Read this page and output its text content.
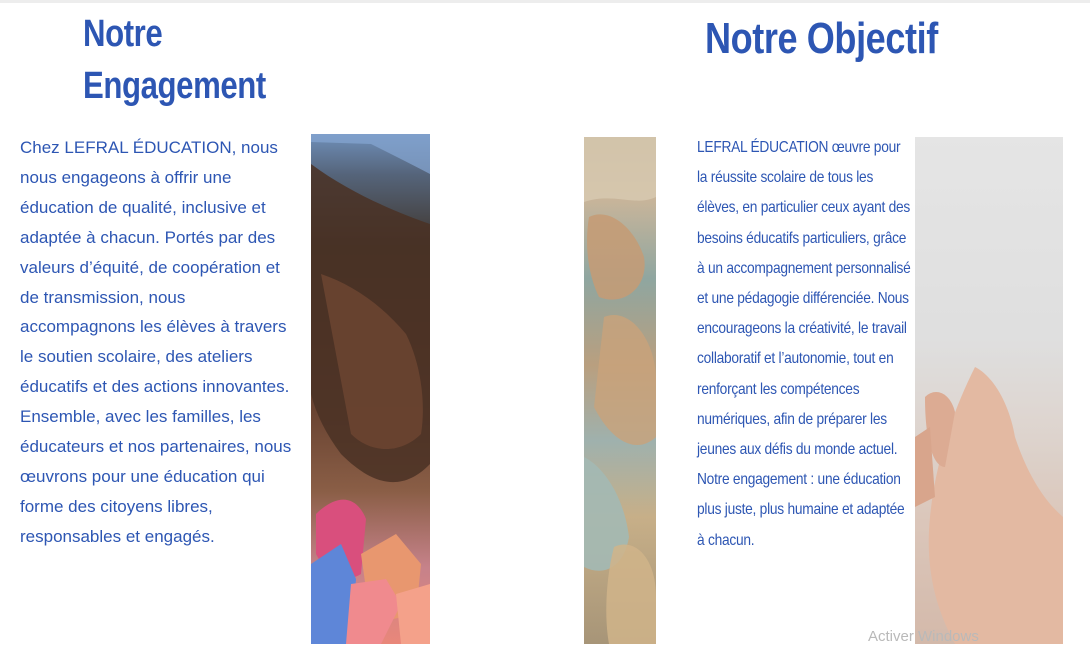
Notre
Engagement

Chez LEFRAL ÉDUCATION, nous nous engageons à offrir une éducation de qualité, inclusive et adaptée à chacun. Portés par des valeurs d’équité, de coopération et de transmission, nous accompagnons les élèves à travers le soutien scolaire, des ateliers éducatifs et des actions innovantes. Ensemble, avec les familles, les éducateurs et nos partenaires, nous œuvrons pour une éducation qui forme des citoyens libres, responsables et engagés.

LEFRAL ÉDUCATION œuvre pour la réussite scolaire de tous les élèves, en particulier ceux ayant des besoins éducatifs particuliers, grâce à un accompagnement personnalisé et une pédagogie différenciée. Nous encourageons la créativité, le travail collaboratif et l’autonomie, tout en renforçant les compétences numériques, afin de préparer les jeunes aux défis du monde actuel. Notre engagement : une éducation plus juste, plus humaine et adaptée à chacun.

Notre Objectif
Activer Windows
